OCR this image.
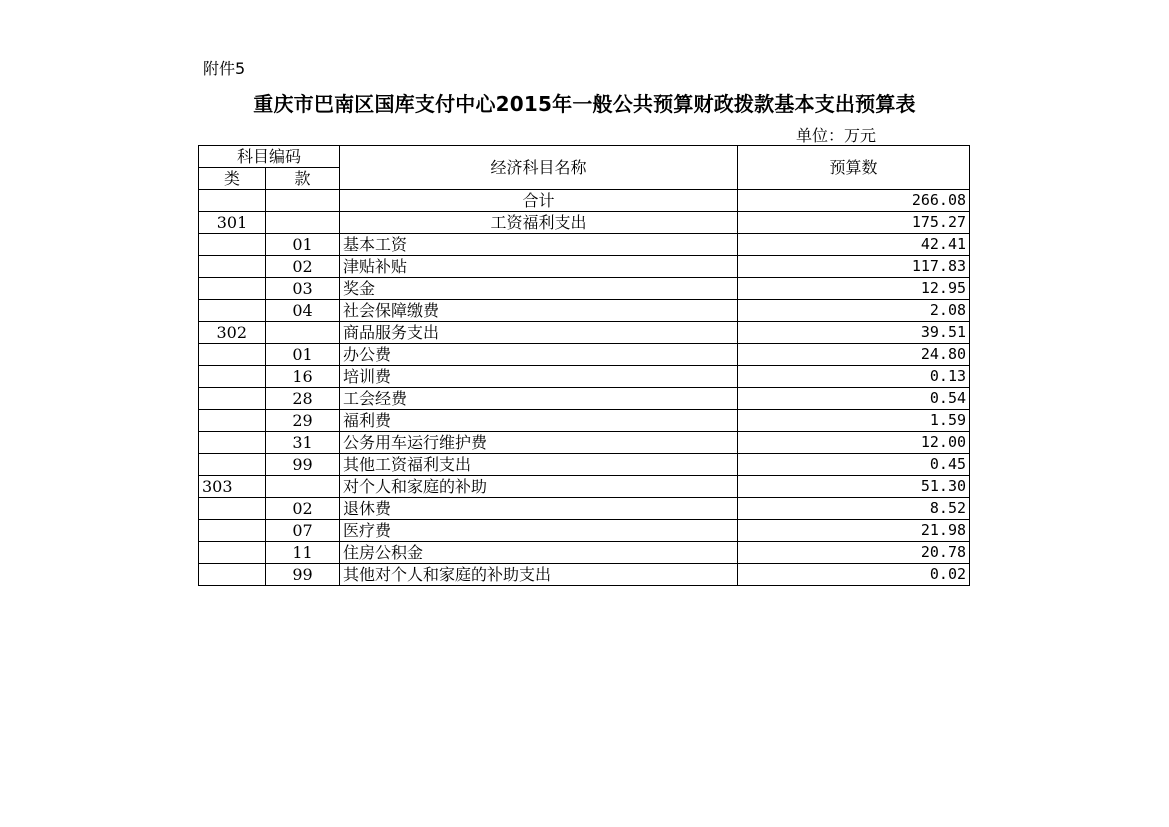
附件5
重庆市巴南区国库支付中心2015年一般公共预算财政拨款基本支出预算表
单位：万元
科目编码		经济科目名称	预算数
类	款		
		合计	266.08
301		工资福利支出	175.27
	01	基本工资	42.41
	02	津贴补贴	117.83
	03	奖金	12.95
	04	社会保障缴费	2.08
302		商品服务支出	39.51
	01	办公费	24.80
	16	培训费	0.13
	28	工会经费	0.54
	29	福利费	1.59
	31	公务用车运行维护费	12.00
	99	其他工资福利支出	0.45
303		对个人和家庭的补助	51.30
	02	退休费	8.52
	07	医疗费	21.98
	11	住房公积金	20.78
	99	其他对个人和家庭的补助支出	0.02
